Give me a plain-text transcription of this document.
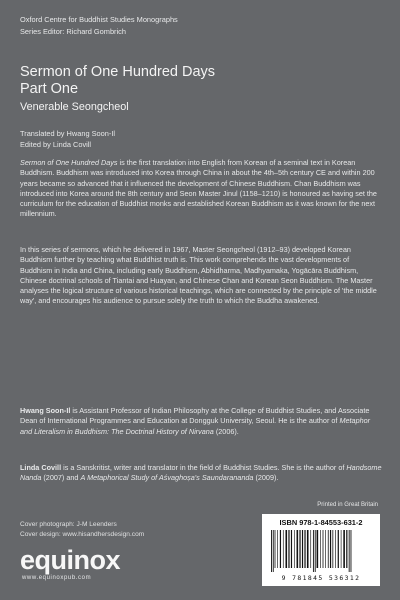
Oxford Centre for Buddhist Studies Monographs
Series Editor: Richard Gombrich
Sermon of One Hundred Days
Part One
Venerable Seongcheol
Translated by Hwang Soon-Il
Edited by Linda Covill

Sermon of One Hundred Days is the first translation into English from Korean of a seminal text in Korean Buddhism. Buddhism was introduced into Korea through China in about the 4th–5th century CE and within 200 years became so advanced that it influenced the development of Chinese Buddhism. Chan Buddhism was introduced into Korea around the 8th century and Seon Master Jinul (1158–1210) is honoured as having set the curriculum for the education of Buddhist monks and established Korean Buddhism as it was known for the next millennium.

In this series of sermons, which he delivered in 1967, Master Seongcheol (1912–93) developed Korean Buddhism further by teaching what Buddhist truth is. This work comprehends the vast developments of Buddhism in India and China, including early Buddhism, Abhidharma, Madhyamaka, Yogācāra Buddhism, Chinese doctrinal schools of Tiantai and Huayan, and Chinese Chan and Korean Seon Buddhism. The Master analyses the logical structure of various historical teachings, which are connected by the principle of 'the middle way', and encourages his audience to pursue solely the truth to which the Buddha awakened.

Hwang Soon-Il is Assistant Professor of Indian Philosophy at the College of Buddhist Studies, and Associate Dean of International Programmes and Education at Dongguk University, Seoul. He is the author of Metaphor and Literalism in Buddhism: The Doctrinal History of Nirvana (2006).

Linda Covill is a Sanskritist, writer and translator in the field of Buddhist Studies. She is the author of Handsome Nanda (2007) and A Metaphorical Study of Aśvaghoṣa's Saundarananda (2009).

Cover photograph: J-M Leenders
Cover design: www.hisandhersdesign.com
Printed in Great Britain
ISBN 978-1-84553-631-2
9 781845 536312
equinox
www.equinoxpub.com
